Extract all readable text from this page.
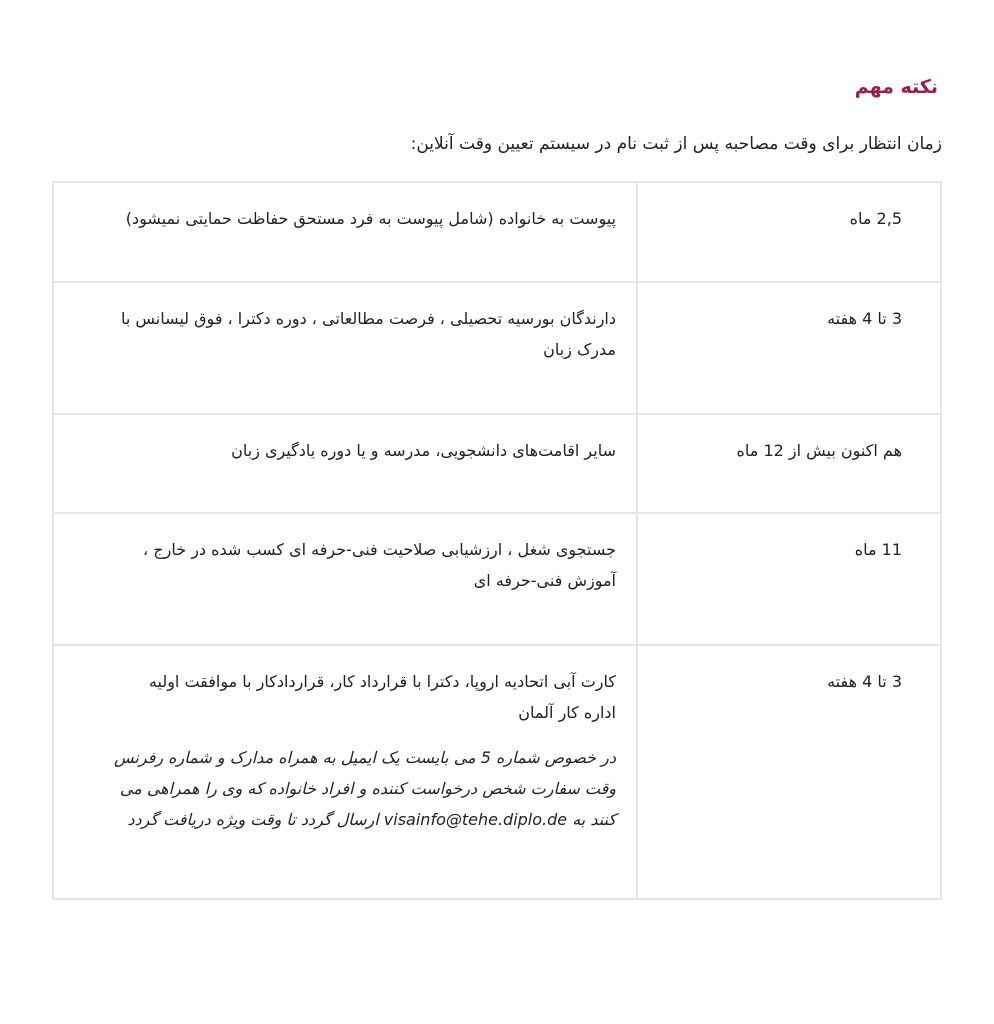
نکته مهم
زمان انتظار برای وقت مصاحبه پس از ثبت نام در سیستم تعیین وقت آنلاین:
2,5 ماه	پیوست به خانواده (شامل پیوست به فرد مستحق حفاظت حمایتی نمیشود)
3 تا 4 هفته	دارندگان بورسیه تحصیلی ، فرصت مطالعاتی ، دوره دکترا ، فوق لیسانس با مدرک زبان
هم اکنون بیش از 12 ماه	سایر اقامت‌های دانشجویی، مدرسه و یا دوره یادگیری زبان
11 ماه	جستجوی شغل ، ارزشیابی صلاحیت فنی-حرفه ای کسب شده در خارج ، آموزش فنی-حرفه ای
3 تا 4 هفته	کارت آبی اتحادیه اروپا، دکترا با قرارداد کار، قراردادکار با موافقت اولیه اداره کار آلمان
در خصوص شماره 5 می بایست یک ایمیل به همراه مدارک و شماره رفرنس وقت سفارت شخص درخواست کننده و افراد خانواده که وی را همراهی می کنند به visainfo@tehe.diplo.de ارسال گردد تا وقت ویژه دریافت گردد
